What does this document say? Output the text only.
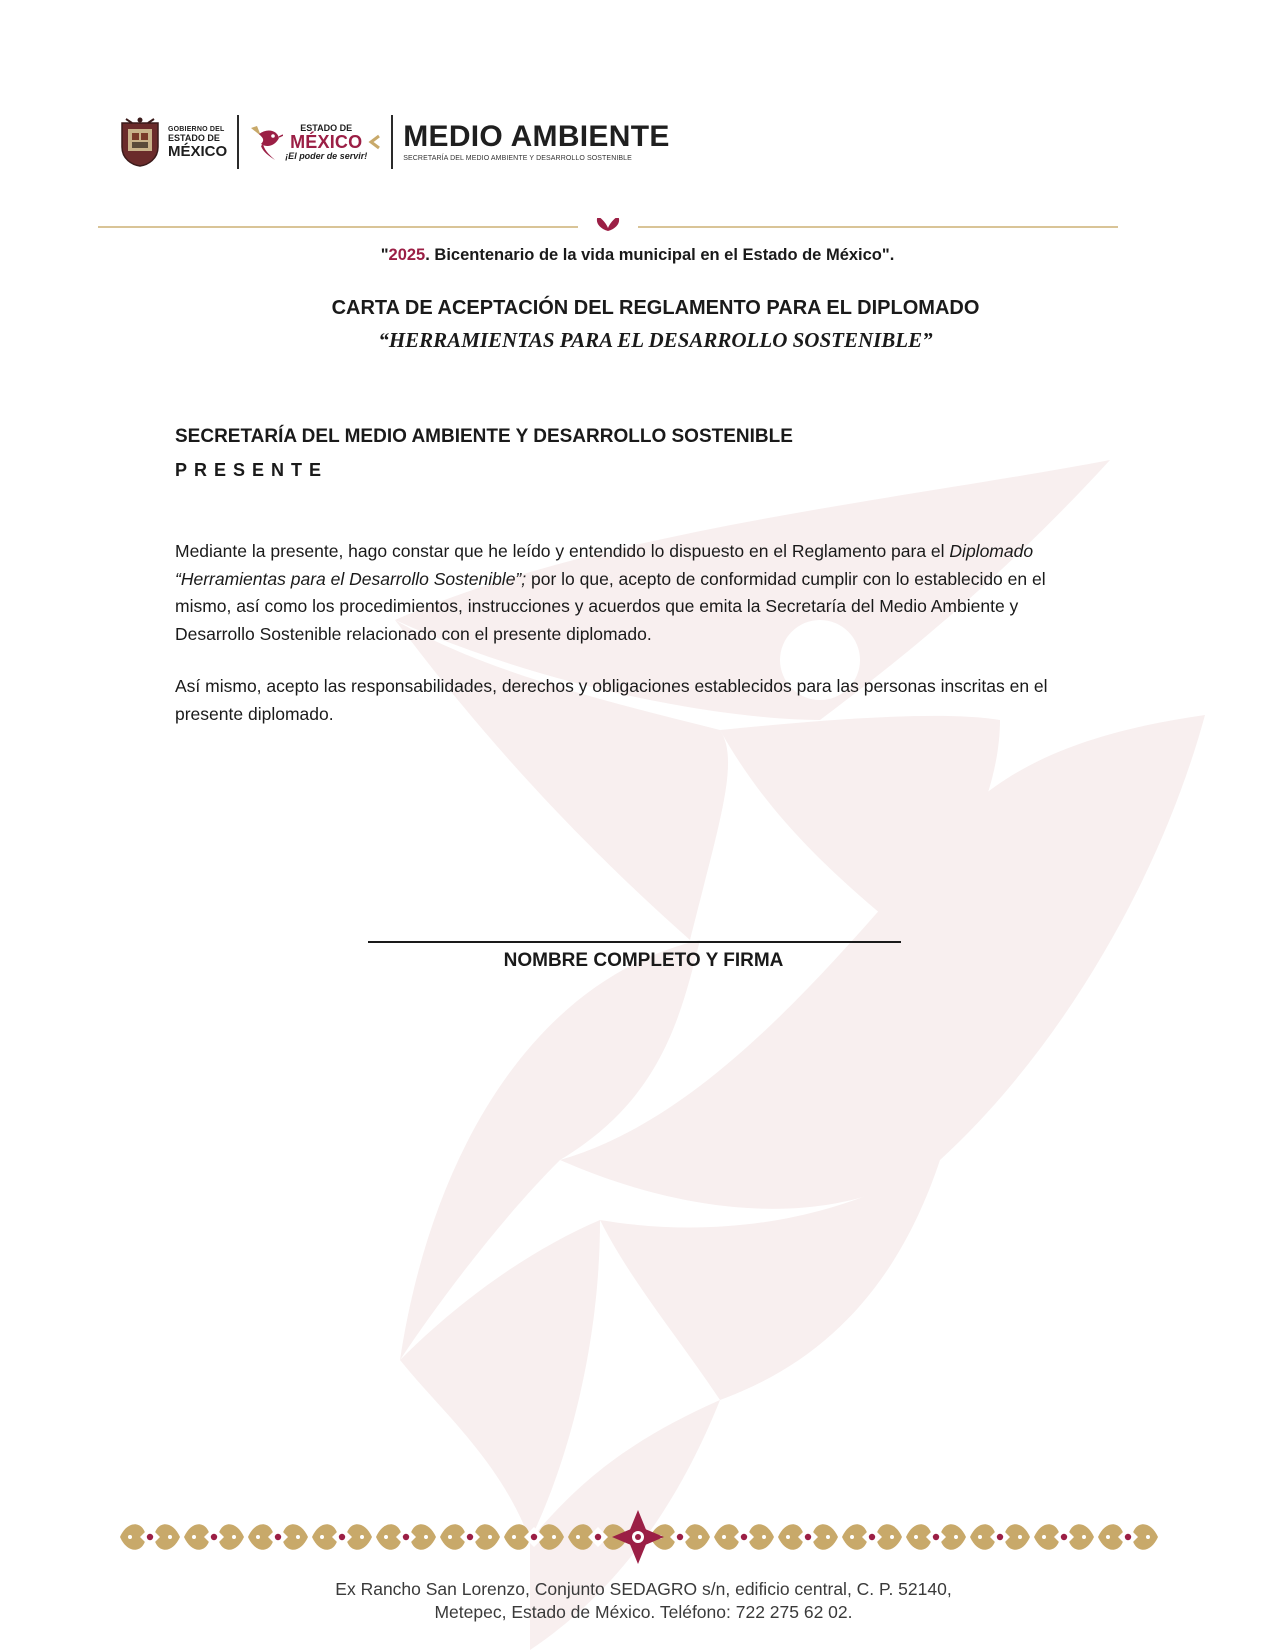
GOBIERNO DEL
ESTADO DE
MÉXICO
ESTADO DE
MÉXICO
¡El poder de servir!
MEDIO AMBIENTE
SECRETARÍA DEL MEDIO AMBIENTE Y DESARROLLO SOSTENIBLE
"2025. Bicentenario de la vida municipal en el Estado de México".
CARTA DE ACEPTACIÓN DEL REGLAMENTO PARA EL DIPLOMADO
“HERRAMIENTAS PARA EL DESARROLLO SOSTENIBLE”
SECRETARÍA DEL MEDIO AMBIENTE Y DESARROLLO SOSTENIBLE
PRESENTE
Mediante la presente, hago constar que he leído y entendido lo dispuesto en el Reglamento para el Diplomado “Herramientas para el Desarrollo Sostenible”; por lo que, acepto de conformidad cumplir con lo establecido en el mismo, así como los procedimientos, instrucciones y acuerdos que emita la Secretaría del Medio Ambiente y Desarrollo Sostenible relacionado con el presente diplomado.
Así mismo, acepto las responsabilidades, derechos y obligaciones establecidos para las personas inscritas en el presente diplomado.
NOMBRE COMPLETO Y FIRMA
Ex Rancho San Lorenzo, Conjunto SEDAGRO s/n, edificio central, C. P. 52140,
Metepec, Estado de México. Teléfono: 722 275 62 02.
